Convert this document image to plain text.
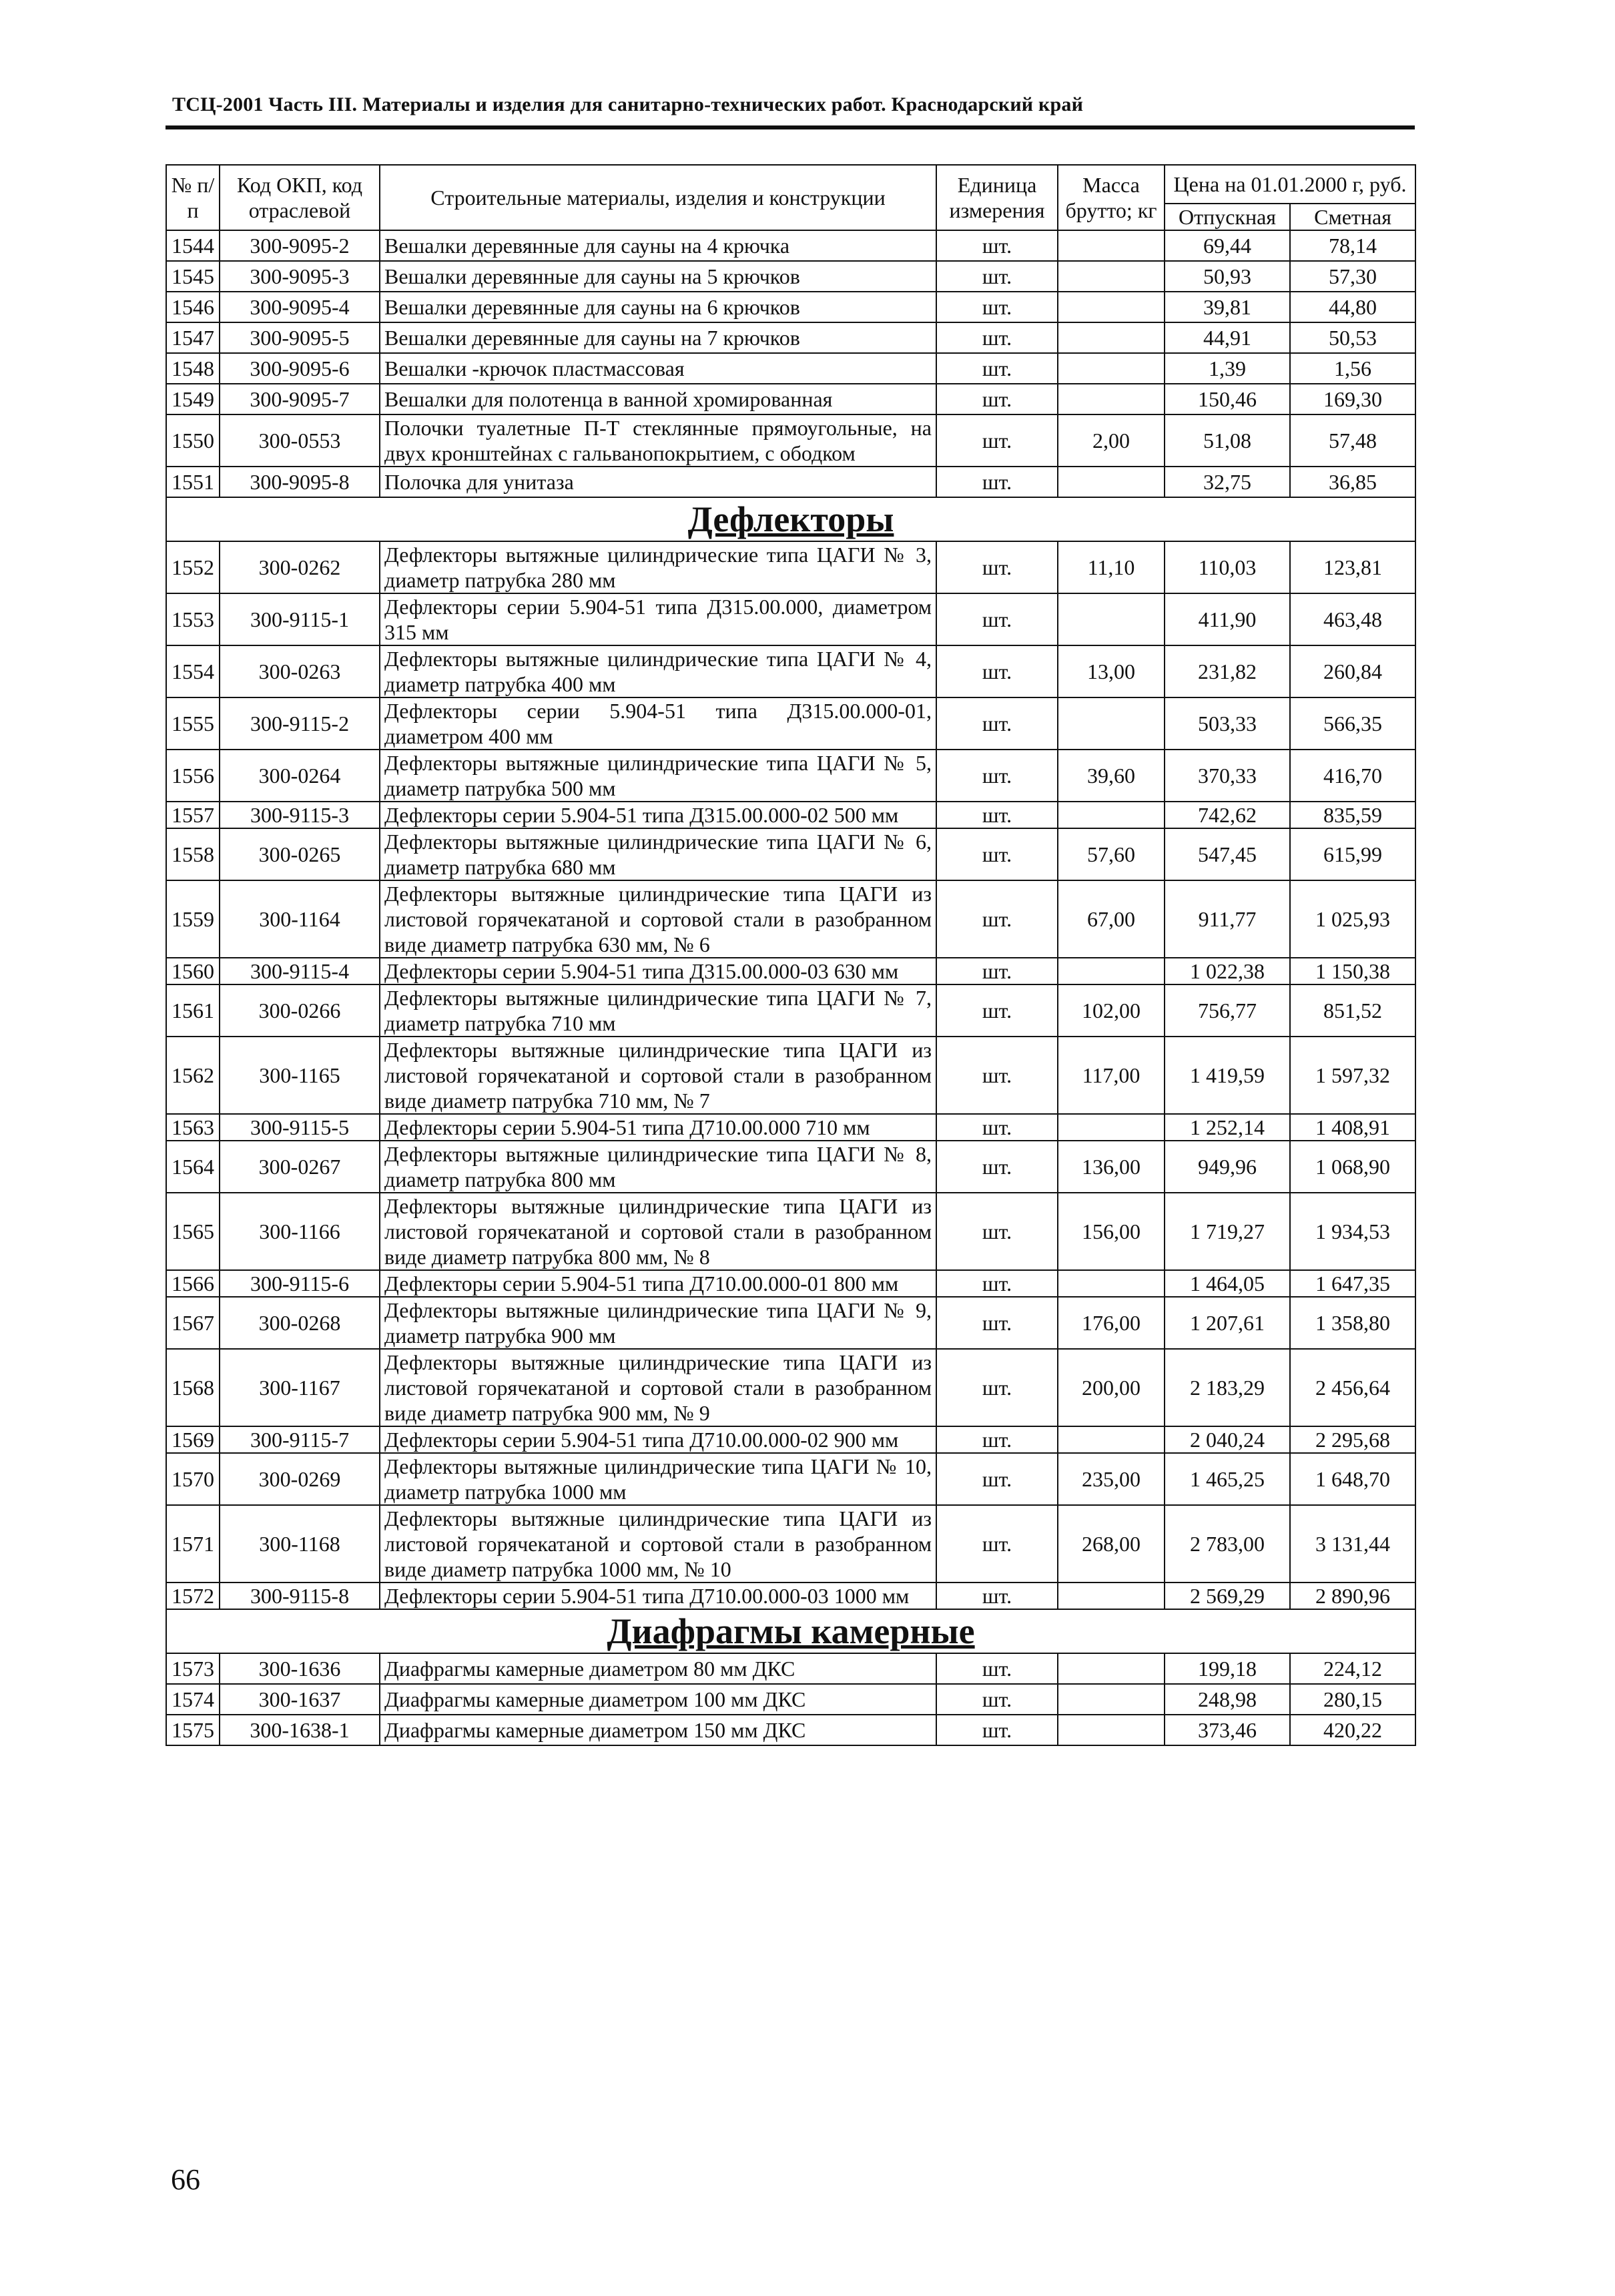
ТСЦ-2001 Часть III. Материалы и изделия для санитарно-технических работ. Краснодарский край
№ п/п	Код ОКП, код отраслевой	Строительные материалы, изделия и конструкции	Единица измерения	Масса брутто; кг	Цена на 01.01.2000 г, руб.	
					Отпускная	Сметная
1544	300-9095-2	Вешалки деревянные для сауны на 4 крючка	шт.		69,44	78,14
1545	300-9095-3	Вешалки деревянные для сауны на 5 крючков	шт.		50,93	57,30
1546	300-9095-4	Вешалки деревянные для сауны на 6 крючков	шт.		39,81	44,80
1547	300-9095-5	Вешалки деревянные для сауны на 7 крючков	шт.		44,91	50,53
1548	300-9095-6	Вешалки -крючок пластмассовая	шт.		1,39	1,56
1549	300-9095-7	Вешалки для полотенца в ванной хромированная	шт.		150,46	169,30
1550	300-0553	Полочки туалетные П-Т стеклянные прямоугольные, на двух кронштейнах с гальванопокрытием, с ободком	шт.	2,00	51,08	57,48
1551	300-9095-8	Полочка для унитаза	шт.		32,75	36,85
Дефлекторы						
1552	300-0262	Дефлекторы вытяжные цилиндрические типа ЦАГИ № 3, диаметр патрубка 280 мм	шт.	11,10	110,03	123,81
1553	300-9115-1	Дефлекторы серии 5.904-51 типа Д315.00.000, диаметром 315 мм	шт.		411,90	463,48
1554	300-0263	Дефлекторы вытяжные цилиндрические типа ЦАГИ № 4, диаметр патрубка 400 мм	шт.	13,00	231,82	260,84
1555	300-9115-2	Дефлекторы серии 5.904-51 типа Д315.00.000-01, диаметром 400 мм	шт.		503,33	566,35
1556	300-0264	Дефлекторы вытяжные цилиндрические типа ЦАГИ № 5, диаметр патрубка 500 мм	шт.	39,60	370,33	416,70
1557	300-9115-3	Дефлекторы серии 5.904-51 типа Д315.00.000-02 500 мм	шт.		742,62	835,59
1558	300-0265	Дефлекторы вытяжные цилиндрические типа ЦАГИ № 6, диаметр патрубка 680 мм	шт.	57,60	547,45	615,99
1559	300-1164	Дефлекторы вытяжные цилиндрические типа ЦАГИ из листовой горячекатаной и сортовой стали в разобранном виде диаметр патрубка 630 мм, № 6	шт.	67,00	911,77	1 025,93
1560	300-9115-4	Дефлекторы серии 5.904-51 типа Д315.00.000-03 630 мм	шт.		1 022,38	1 150,38
1561	300-0266	Дефлекторы вытяжные цилиндрические типа ЦАГИ № 7, диаметр патрубка 710 мм	шт.	102,00	756,77	851,52
1562	300-1165	Дефлекторы вытяжные цилиндрические типа ЦАГИ из листовой горячекатаной и сортовой стали в разобранном виде диаметр патрубка 710 мм, № 7	шт.	117,00	1 419,59	1 597,32
1563	300-9115-5	Дефлекторы серии 5.904-51 типа Д710.00.000 710 мм	шт.		1 252,14	1 408,91
1564	300-0267	Дефлекторы вытяжные цилиндрические типа ЦАГИ № 8, диаметр патрубка 800 мм	шт.	136,00	949,96	1 068,90
1565	300-1166	Дефлекторы вытяжные цилиндрические типа ЦАГИ из листовой горячекатаной и сортовой стали в разобранном виде диаметр патрубка 800 мм, № 8	шт.	156,00	1 719,27	1 934,53
1566	300-9115-6	Дефлекторы серии 5.904-51 типа Д710.00.000-01 800 мм	шт.		1 464,05	1 647,35
1567	300-0268	Дефлекторы вытяжные цилиндрические типа ЦАГИ № 9, диаметр патрубка 900 мм	шт.	176,00	1 207,61	1 358,80
1568	300-1167	Дефлекторы вытяжные цилиндрические типа ЦАГИ из листовой горячекатаной и сортовой стали в разобранном виде диаметр патрубка 900 мм, № 9	шт.	200,00	2 183,29	2 456,64
1569	300-9115-7	Дефлекторы серии 5.904-51 типа Д710.00.000-02 900 мм	шт.		2 040,24	2 295,68
1570	300-0269	Дефлекторы вытяжные цилиндрические типа ЦАГИ № 10, диаметр патрубка 1000 мм	шт.	235,00	1 465,25	1 648,70
1571	300-1168	Дефлекторы вытяжные цилиндрические типа ЦАГИ из листовой горячекатаной и сортовой стали в разобранном виде диаметр патрубка 1000 мм, № 10	шт.	268,00	2 783,00	3 131,44
1572	300-9115-8	Дефлекторы серии 5.904-51 типа Д710.00.000-03 1000 мм	шт.		2 569,29	2 890,96
Диафрагмы камерные						
1573	300-1636	Диафрагмы камерные диаметром 80 мм ДКС	шт.		199,18	224,12
1574	300-1637	Диафрагмы камерные диаметром 100 мм ДКС	шт.		248,98	280,15
1575	300-1638-1	Диафрагмы камерные диаметром 150 мм ДКС	шт.		373,46	420,22
66
